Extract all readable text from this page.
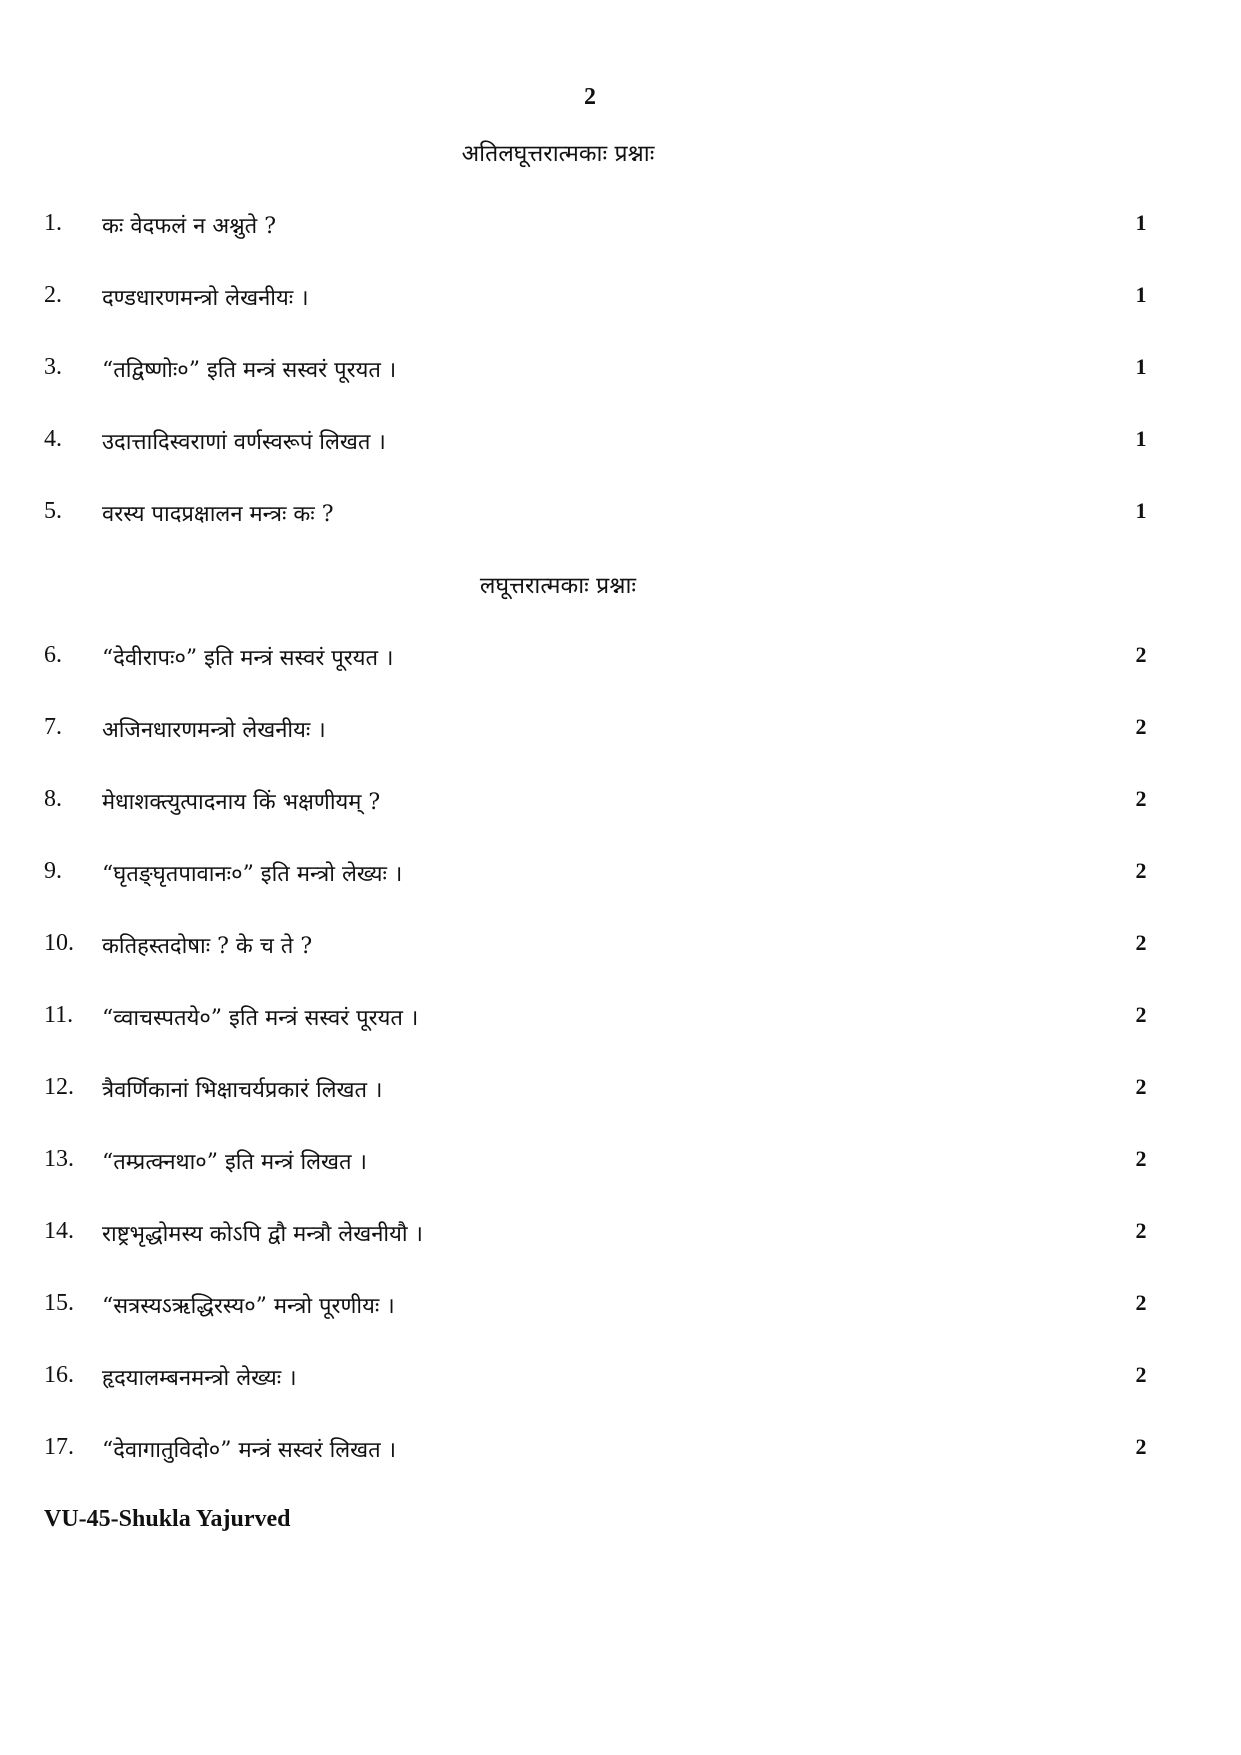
2
अतिलघूत्तरात्मकाः प्रश्नाः
1. कः वेदफलं न अश्नुते ?	1
2. दण्डधारणमन्त्रो लेखनीयः ।	1
3. “तद्विष्णोः०” इति मन्त्रं सस्वरं पूरयत ।	1
4. उदात्तादिस्वराणां वर्णस्वरूपं लिखत ।	1
5. वरस्य पादप्रक्षालन मन्त्रः कः ?	1
लघूत्तरात्मकाः प्रश्नाः
6. “देवीरापः०” इति मन्त्रं सस्वरं पूरयत ।	2
7. अजिनधारणमन्त्रो लेखनीयः ।	2
8. मेधाशक्त्युत्पादनाय किं भक्षणीयम् ?	2
9. “घृतङ्घृतपावानः०” इति मन्त्रो लेख्यः ।	2
10. कतिहस्तदोषाः ? के च ते ?	2
11. “व्वाचस्पतये०” इति मन्त्रं सस्वरं पूरयत ।	2
12. त्रैवर्णिकानां भिक्षाचर्यप्रकारं लिखत ।	2
13. “तम्प्रत्क्नथा०” इति मन्त्रं लिखत ।	2
14. राष्ट्रभृद्धोमस्य कोऽपि द्वौ मन्त्रौ लेखनीयौ ।	2
15. “सत्रस्यऽऋद्धिरस्य०” मन्त्रो पूरणीयः ।	2
16. हृदयालम्बनमन्त्रो लेख्यः ।	2
17. “देवागातुविदो०” मन्त्रं सस्वरं लिखत ।	2
VU-45-Shukla Yajurved
